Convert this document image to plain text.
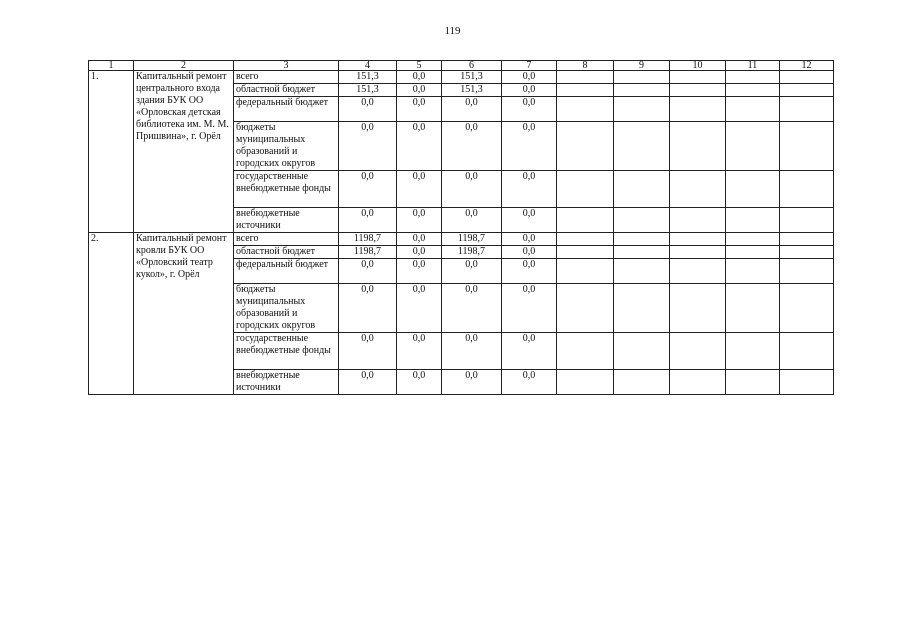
119
1	2	3	4	5	6	7	8	9	10	11	12
1.	Капитальный ремонт центрального входа здания БУК ОО «Орловская детская библиотека им. М. М. Пришвина», г. Орёл	всего	151,3	0,0	151,3	0,0					
		областной бюджет	151,3	0,0	151,3	0,0					
		федеральный бюджет	0,0	0,0	0,0	0,0					
		бюджеты муниципальных образований и городских округов	0,0	0,0	0,0	0,0					
		государственные внебюджетные фонды	0,0	0,0	0,0	0,0					
		внебюджетные источники	0,0	0,0	0,0	0,0					
2.	Капитальный ремонт кровли БУК ОО «Орловский театр кукол», г. Орёл	всего	1198,7	0,0	1198,7	0,0					
		областной бюджет	1198,7	0,0	1198,7	0,0					
		федеральный бюджет	0,0	0,0	0,0	0,0					
		бюджеты муниципальных образований и городских округов	0,0	0,0	0,0	0,0					
		государственные внебюджетные фонды	0,0	0,0	0,0	0,0					
		внебюджетные источники	0,0	0,0	0,0	0,0					
